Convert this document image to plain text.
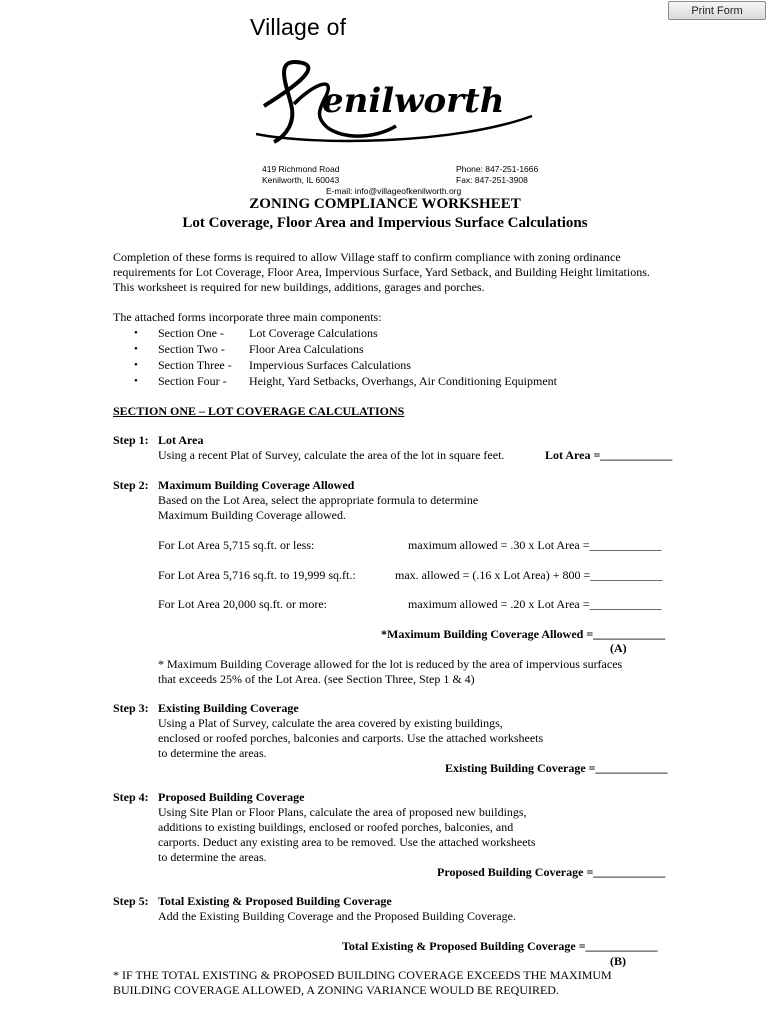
Print Form
Village of
enilworth
419 Richmond Road
Kenilworth, IL 60043
Phone: 847-251-1666
Fax: 847-251-3908
E-mail: info@villageofkenilworth.org
ZONING COMPLIANCE WORKSHEET
Lot Coverage, Floor Area and Impervious Surface Calculations
Completion of these forms is required to allow Village staff to confirm compliance with zoning ordinance
requirements for Lot Coverage, Floor Area, Impervious Surface, Yard Setback, and Building Height limitations.
This worksheet is required for new buildings, additions, garages and porches.
The attached forms incorporate three main components:
• Section One - Lot Coverage Calculations
• Section Two - Floor Area Calculations
• Section Three - Impervious Surfaces Calculations
• Section Four - Height, Yard Setbacks, Overhangs, Air Conditioning Equipment
SECTION ONE – LOT COVERAGE CALCULATIONS
Step 1: Lot Area
Using a recent Plat of Survey, calculate the area of the lot in square feet.	Lot Area =____________
Step 2: Maximum Building Coverage Allowed
Based on the Lot Area, select the appropriate formula to determine
Maximum Building Coverage allowed.
For Lot Area 5,715 sq.ft. or less:	maximum allowed = .30 x Lot Area =____________
For Lot Area 5,716 sq.ft. to 19,999 sq.ft.:	max. allowed = (.16 x Lot Area) + 800 =____________
For Lot Area 20,000 sq.ft. or more:	maximum allowed = .20 x Lot Area =____________
*Maximum Building Coverage Allowed =____________
(A)
* Maximum Building Coverage allowed for the lot is reduced by the area of impervious surfaces
that exceeds 25% of the Lot Area. (see Section Three, Step 1 & 4)
Step 3: Existing Building Coverage
Using a Plat of Survey, calculate the area covered by existing buildings,
enclosed or roofed porches, balconies and carports. Use the attached worksheets
to determine the areas.
Existing Building Coverage =____________
Step 4: Proposed Building Coverage
Using Site Plan or Floor Plans, calculate the area of proposed new buildings,
additions to existing buildings, enclosed or roofed porches, balconies, and
carports. Deduct any existing area to be removed. Use the attached worksheets
to determine the areas.
Proposed Building Coverage =____________
Step 5: Total Existing & Proposed Building Coverage
Add the Existing Building Coverage and the Proposed Building Coverage.
Total Existing & Proposed Building Coverage =____________
(B)
* IF THE TOTAL EXISTING & PROPOSED BUILDING COVERAGE EXCEEDS THE MAXIMUM
BUILDING COVERAGE ALLOWED, A ZONING VARIANCE WOULD BE REQUIRED.
